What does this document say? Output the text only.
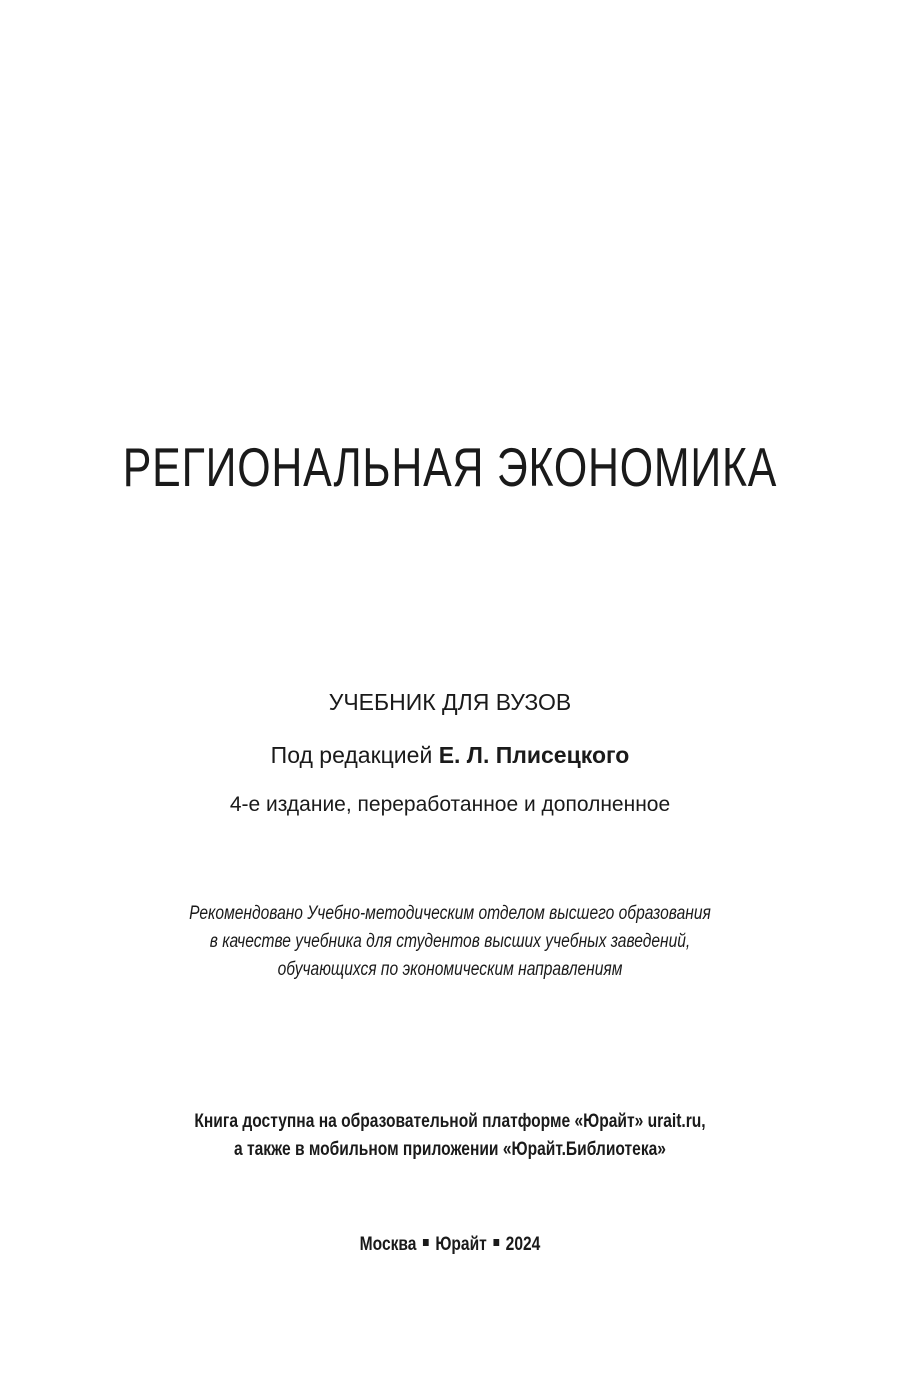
РЕГИОНАЛЬНАЯ ЭКОНОМИКА
УЧЕБНИК ДЛЯ ВУЗОВ
Под редакцией Е. Л. Плисецкого
4-е издание, переработанное и дополненное
Рекомендовано Учебно-методическим отделом высшего образования
в качестве учебника для студентов высших учебных заведений,
обучающихся по экономическим направлениям
Книга доступна на образовательной платформе «Юрайт» urait.ru,
а также в мобильном приложении «Юрайт.Библиотека»
Москва Юрайт 2024
